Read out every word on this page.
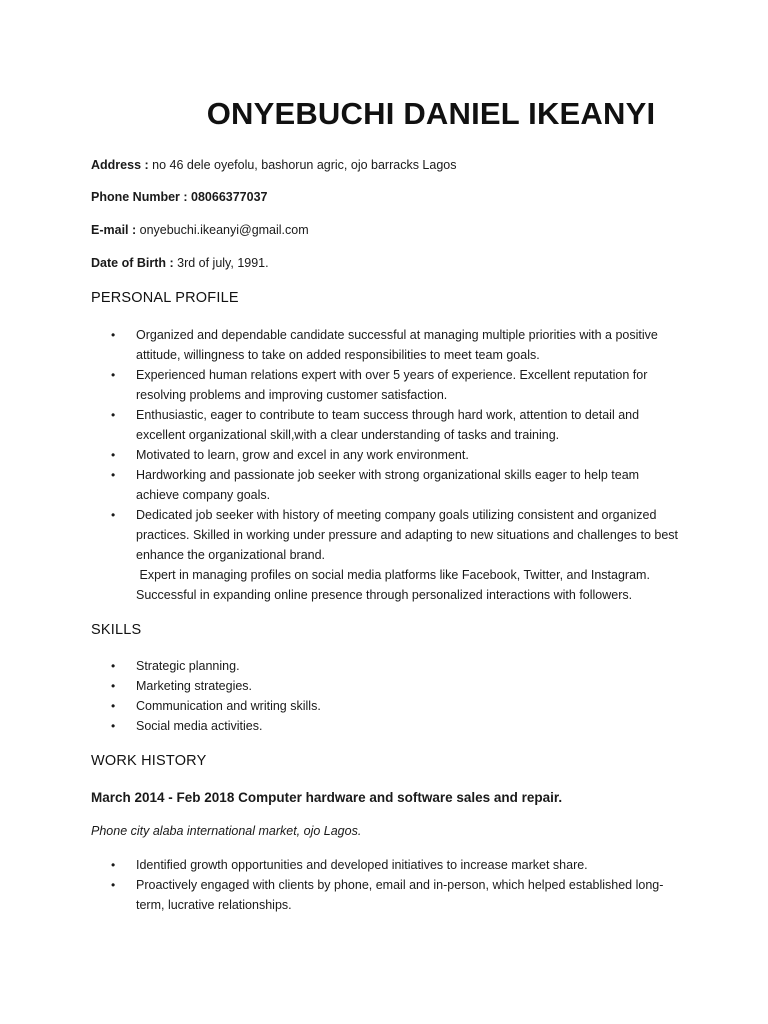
ONYEBUCHI DANIEL IKEANYI
Address : no 46 dele oyefolu, bashorun agric, ojo barracks Lagos
Phone Number : 08066377037
E-mail : onyebuchi.ikeanyi@gmail.com
Date of Birth : 3rd of july, 1991.
PERSONAL PROFILE
• Organized and dependable candidate successful at managing multiple priorities with a positive attitude, willingness to take on added responsibilities to meet team goals.
• Experienced human relations expert with over 5 years of experience. Excellent reputation for resolving problems and improving customer satisfaction.
• Enthusiastic, eager to contribute to team success through hard work, attention to detail and excellent organizational skill,with a clear understanding of tasks and training.
• Motivated to learn, grow and excel in any work environment.
• Hardworking and passionate job seeker with strong organizational skills eager to help team achieve company goals.
• Dedicated job seeker with history of meeting company goals utilizing consistent and organized practices. Skilled in working under pressure and adapting to new situations and challenges to best enhance the organizational brand.
Expert in managing profiles on social media platforms like Facebook, Twitter, and Instagram. Successful in expanding online presence through personalized interactions with followers.
SKILLS
• Strategic planning.
• Marketing strategies.
• Communication and writing skills.
• Social media activities.
WORK HISTORY
March 2014 - Feb 2018 Computer hardware and software sales and repair.
Phone city alaba international market, ojo Lagos.
• Identified growth opportunities and developed initiatives to increase market share.
• Proactively engaged with clients by phone, email and in-person, which helped established long-term, lucrative relationships.
